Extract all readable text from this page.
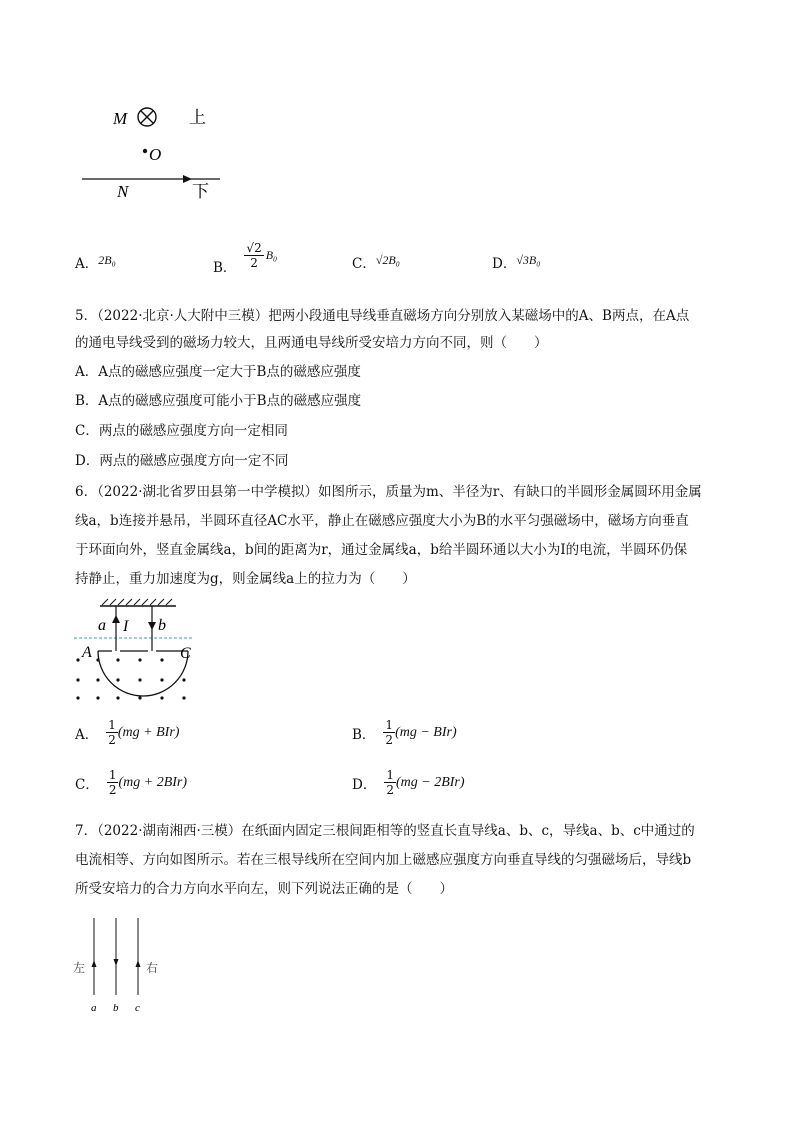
M	上
O
N	下
A．2B₀	B． $\frac{√2}{2} B_0$
C．√2B₀	D．√3B₀
5．（2022·北京·人大附中三模）把两小段通电导线垂直磁场方向分别放入某磁场中的A、B两点，在A点
的通电导线受到的磁场力较大，且两通电导线所受安培力方向不同，则（　　）
A．A点的磁感应强度一定大于B点的磁感应强度
B．A点的磁感应强度可能小于B点的磁感应强度
C．两点的磁感应强度方向一定相同
D．两点的磁感应强度方向一定不同
6．（2022·湖北省罗田县第一中学模拟）如图所示，质量为m、半径为r、有缺口的半圆形金属圆环用金属
线a，b连接并悬吊，半圆环直径AC水平，静止在磁感应强度大小为B的水平匀强磁场中，磁场方向垂直
于环面向外，竖直金属线a，b间的距离为r，通过金属线a，b给半圆环通以大小为I的电流，半圆环仍保
持静止，重力加速度为g，则金属线a上的拉力为（　　）
a I b
A	C
A． $\frac{1}{2} (mg + BIr)$	B． $\frac{1}{2} (mg - BIr)$
C． $\frac{1}{2} (mg + 2BIr)$	D． $\frac{1}{2} (mg - 2BIr)$
7．（2022·湖南湘西·三模）在纸面内固定三根间距相等的竖直长直导线a、b、c，导线a、b、c中通过的
电流相等、方向如图所示。若在三根导线所在空间内加上磁感应强度方向垂直导线的匀强磁场后，导线b
所受安培力的合力方向水平向左，则下列说法正确的是（　　）
左	右
a b c
